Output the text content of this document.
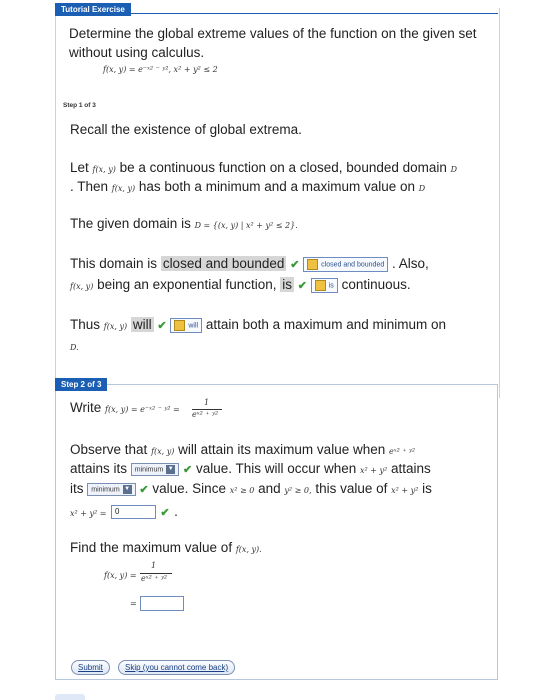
Tutorial Exercise
Determine the global extreme values of the function on the given set without using calculus.
f(x, y) = e⁻ˣ² ⁻ ʸ², x² + y² ≤ 2
Step 1 of 3
Recall the existence of global extrema.
Let f(x, y) be a continuous function on a closed, bounded domain D
. Then f(x, y) has both a minimum and a maximum value on D
The given domain is D = {(x, y) | x² + y² ≤ 2}.
This domain is closed and bounded ✔	closed and bounded . Also,
f(x, y) being an exponential function, is ✔	is continuous.
Thus f(x, y) will ✔	will attain both a maximum and minimum on
D.
Step 2 of 3
Write f(x, y) = e⁻ˣ² ⁻ ʸ² =
1
eˣ² ⁺ ʸ²
Observe that f(x, y) will attain its maximum value when eˣ² ⁺ ʸ²
attains its minimum ▼ ✔ value. This will occur when x² + y² attains
its minimum ▼ ✔ value. Since x² ≥ 0 and y² ≥ 0, this value of x² + y² is
x² + y² = 0	✔ .
Find the maximum value of f(x, y).
f(x, y) =
1
eˣ² ⁺ ʸ²
=
Submit	Skip (you cannot come back)
